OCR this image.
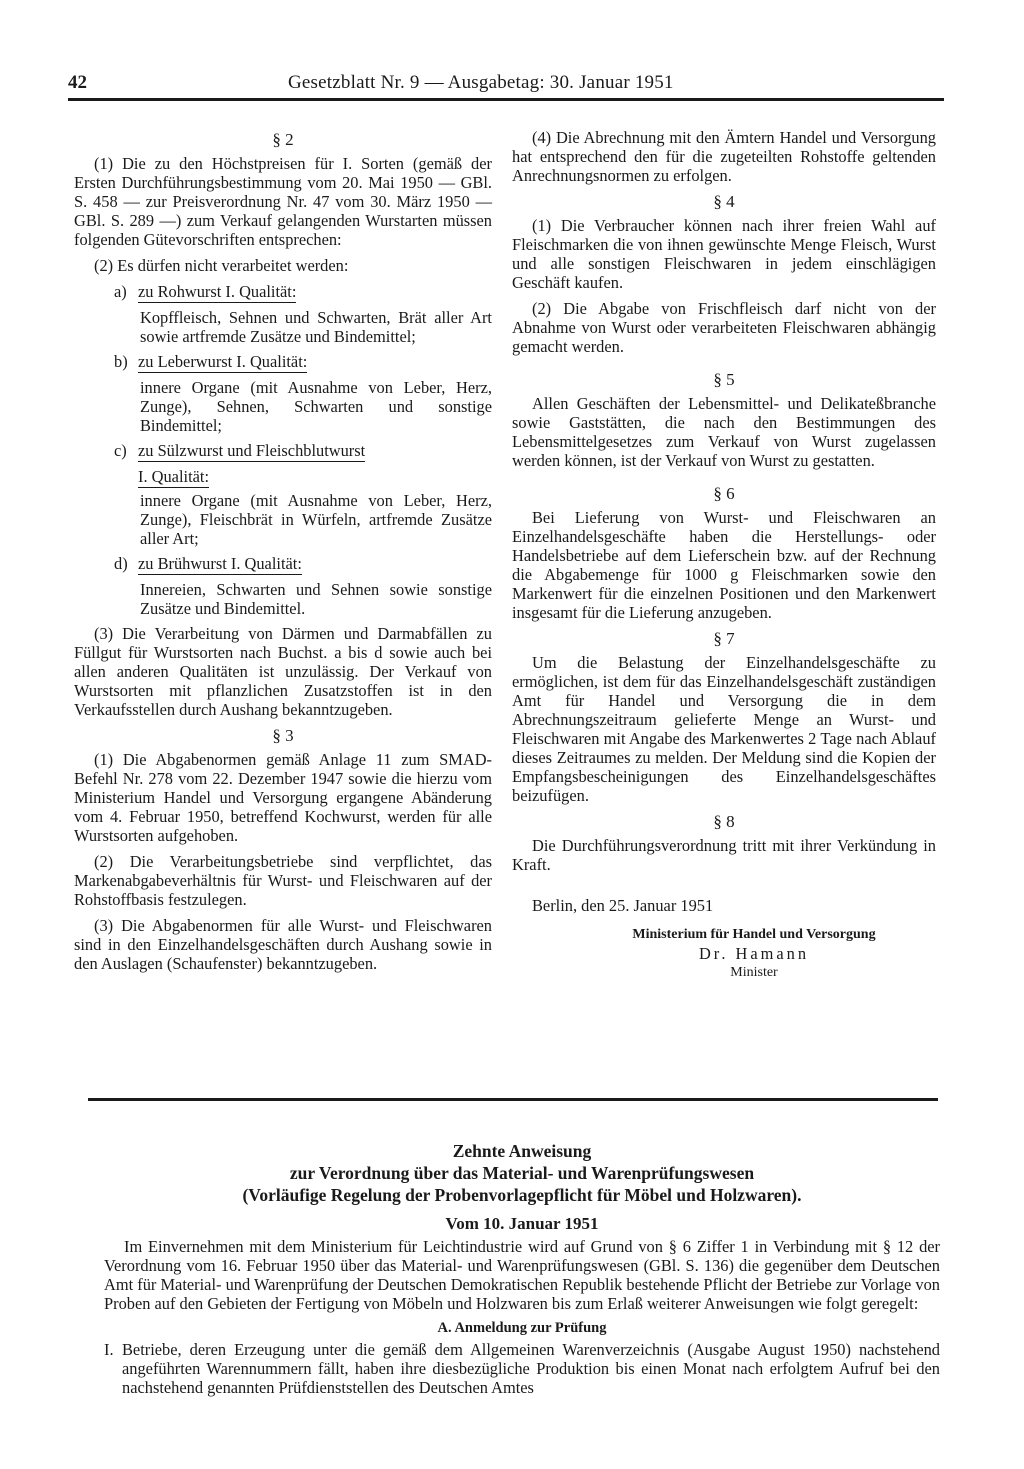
42	Gesetzblatt Nr. 9 — Ausgabetag: 30. Januar 1951
§ 2

(1) Die zu den Höchstpreisen für I. Sorten (gemäß der Ersten Durchführungsbestimmung vom 20. Mai 1950 — GBl. S. 458 — zur Preisverordnung Nr. 47 vom 30. März 1950 — GBl. S. 289 —) zum Verkauf gelangenden Wurstarten müssen folgenden Gütevorschriften entsprechen:

(2) Es dürfen nicht verarbeitet werden:

a) zu Rohwurst I. Qualität:
Kopffleisch, Sehnen und Schwarten, Brät aller Art sowie artfremde Zusätze und Bindemittel;
b) zu Leberwurst I. Qualität:
innere Organe (mit Ausnahme von Leber, Herz, Zunge), Sehnen, Schwarten und sonstige Bindemittel;
c) zu Sülzwurst und Fleischblutwurst
I. Qualität:
innere Organe (mit Ausnahme von Leber, Herz, Zunge), Fleischbrät in Würfeln, artfremde Zusätze aller Art;
d) zu Brühwurst I. Qualität:
Innereien, Schwarten und Sehnen sowie sonstige Zusätze und Bindemittel.

(3) Die Verarbeitung von Därmen und Darmabfällen zu Füllgut für Wurstsorten nach Buchst. a bis d sowie auch bei allen anderen Qualitäten ist unzulässig. Der Verkauf von Wurstsorten mit pflanzlichen Zusatzstoffen ist in den Verkaufsstellen durch Aushang bekanntzugeben.

§ 3

(1) Die Abgabenormen gemäß Anlage 11 zum SMAD-Befehl Nr. 278 vom 22. Dezember 1947 sowie die hierzu vom Ministerium Handel und Versorgung ergangene Abänderung vom 4. Februar 1950, betreffend Kochwurst, werden für alle Wurstsorten aufgehoben.

(2) Die Verarbeitungsbetriebe sind verpflichtet, das Markenabgabeverhältnis für Wurst- und Fleischwaren auf der Rohstoffbasis festzulegen.

(3) Die Abgabenormen für alle Wurst- und Fleischwaren sind in den Einzelhandelsgeschäften durch Aushang sowie in den Auslagen (Schaufenster) bekanntzugeben.

(4) Die Abrechnung mit den Ämtern Handel und Versorgung hat entsprechend den für die zugeteilten Rohstoffe geltenden Anrechnungsnormen zu erfolgen.

§ 4

(1) Die Verbraucher können nach ihrer freien Wahl auf Fleischmarken die von ihnen gewünschte Menge Fleisch, Wurst und alle sonstigen Fleischwaren in jedem einschlägigen Geschäft kaufen.

(2) Die Abgabe von Frischfleisch darf nicht von der Abnahme von Wurst oder verarbeiteten Fleischwaren abhängig gemacht werden.

§ 5

Allen Geschäften der Lebensmittel- und Delikateßbranche sowie Gaststätten, die nach den Bestimmungen des Lebensmittelgesetzes zum Verkauf von Wurst zugelassen werden können, ist der Verkauf von Wurst zu gestatten.

§ 6

Bei Lieferung von Wurst- und Fleischwaren an Einzelhandelsgeschäfte haben die Herstellungs- oder Handelsbetriebe auf dem Lieferschein bzw. auf der Rechnung die Abgabemenge für 1000 g Fleischmarken sowie den Markenwert für die einzelnen Positionen und den Markenwert insgesamt für die Lieferung anzugeben.

§ 7

Um die Belastung der Einzelhandelsgeschäfte zu ermöglichen, ist dem für das Einzelhandelsgeschäft zuständigen Amt für Handel und Versorgung die in dem Abrechnungszeitraum gelieferte Menge an Wurst- und Fleischwaren mit Angabe des Markenwertes 2 Tage nach Ablauf dieses Zeitraumes zu melden. Der Meldung sind die Kopien der Empfangsbescheinigungen des Einzelhandelsgeschäftes beizufügen.

§ 8

Die Durchführungsverordnung tritt mit ihrer Verkündung in Kraft.

Berlin, den 25. Januar 1951
Ministerium für Handel und Versorgung
Dr. Hamann
Minister
Zehnte Anweisung
zur Verordnung über das Material- und Warenprüfungswesen
(Vorläufige Regelung der Probenvorlagepflicht für Möbel und Holzwaren).
Vom 10. Januar 1951

Im Einvernehmen mit dem Ministerium für Leichtindustrie wird auf Grund von § 6 Ziffer 1 in Verbindung mit § 12 der Verordnung vom 16. Februar 1950 über das Material- und Warenprüfungswesen (GBl. S. 136) die gegenüber dem Deutschen Amt für Material- und Warenprüfung der Deutschen Demokratischen Republik bestehende Pflicht der Betriebe zur Vorlage von Proben auf den Gebieten der Fertigung von Möbeln und Holzwaren bis zum Erlaß weiterer Anweisungen wie folgt geregelt:

A. Anmeldung zur Prüfung
I. Betriebe, deren Erzeugung unter die gemäß dem Allgemeinen Warenverzeichnis (Ausgabe August 1950) nachstehend angeführten Warennummern fällt, haben ihre diesbezügliche Produktion bis einen Monat nach erfolgtem Aufruf bei den nachstehend genannten Prüfdienststellen des Deutschen Amtes
